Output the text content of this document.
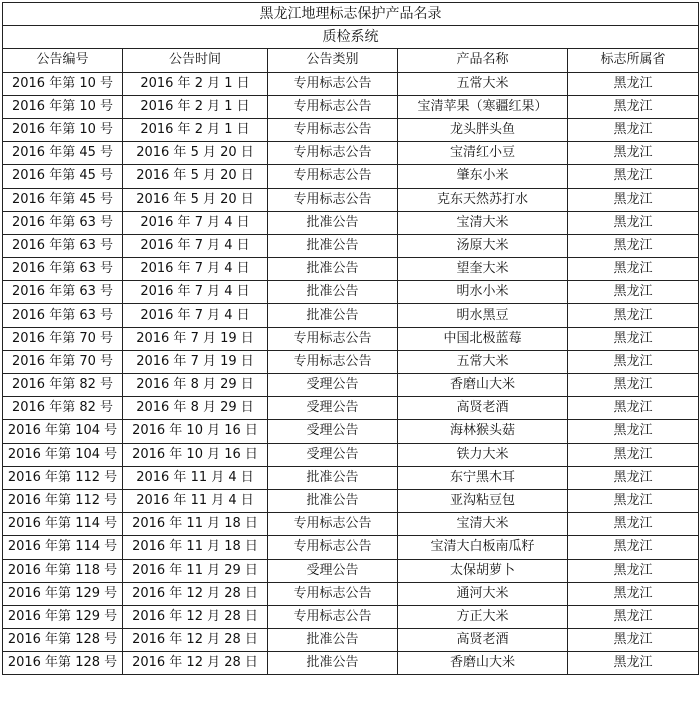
黑龙江地理标志保护产品名录				
质检系统				
公告编号	公告时间	公告类别	产品名称	标志所属省
2016 年第 10 号	2016 年 2 月 1 日	专用标志公告	五常大米	黑龙江
2016 年第 10 号	2016 年 2 月 1 日	专用标志公告	宝清苹果（寒疆红果）	黑龙江
2016 年第 10 号	2016 年 2 月 1 日	专用标志公告	龙头胖头鱼	黑龙江
2016 年第 45 号	2016 年 5 月 20 日	专用标志公告	宝清红小豆	黑龙江
2016 年第 45 号	2016 年 5 月 20 日	专用标志公告	肇东小米	黑龙江
2016 年第 45 号	2016 年 5 月 20 日	专用标志公告	克东天然苏打水	黑龙江
2016 年第 63 号	2016 年 7 月 4 日	批准公告	宝清大米	黑龙江
2016 年第 63 号	2016 年 7 月 4 日	批准公告	汤原大米	黑龙江
2016 年第 63 号	2016 年 7 月 4 日	批准公告	望奎大米	黑龙江
2016 年第 63 号	2016 年 7 月 4 日	批准公告	明水小米	黑龙江
2016 年第 63 号	2016 年 7 月 4 日	批准公告	明水黑豆	黑龙江
2016 年第 70 号	2016 年 7 月 19 日	专用标志公告	中国北极蓝莓	黑龙江
2016 年第 70 号	2016 年 7 月 19 日	专用标志公告	五常大米	黑龙江
2016 年第 82 号	2016 年 8 月 29 日	受理公告	香磨山大米	黑龙江
2016 年第 82 号	2016 年 8 月 29 日	受理公告	高贤老酒	黑龙江
2016 年第 104 号	2016 年 10 月 16 日	受理公告	海林猴头菇	黑龙江
2016 年第 104 号	2016 年 10 月 16 日	受理公告	铁力大米	黑龙江
2016 年第 112 号	2016 年 11 月 4 日	批准公告	东宁黑木耳	黑龙江
2016 年第 112 号	2016 年 11 月 4 日	批准公告	亚沟粘豆包	黑龙江
2016 年第 114 号	2016 年 11 月 18 日	专用标志公告	宝清大米	黑龙江
2016 年第 114 号	2016 年 11 月 18 日	专用标志公告	宝清大白板南瓜籽	黑龙江
2016 年第 118 号	2016 年 11 月 29 日	受理公告	太保胡萝卜	黑龙江
2016 年第 129 号	2016 年 12 月 28 日	专用标志公告	通河大米	黑龙江
2016 年第 129 号	2016 年 12 月 28 日	专用标志公告	方正大米	黑龙江
2016 年第 128 号	2016 年 12 月 28 日	批准公告	高贤老酒	黑龙江
2016 年第 128 号	2016 年 12 月 28 日	批准公告	香磨山大米	黑龙江
